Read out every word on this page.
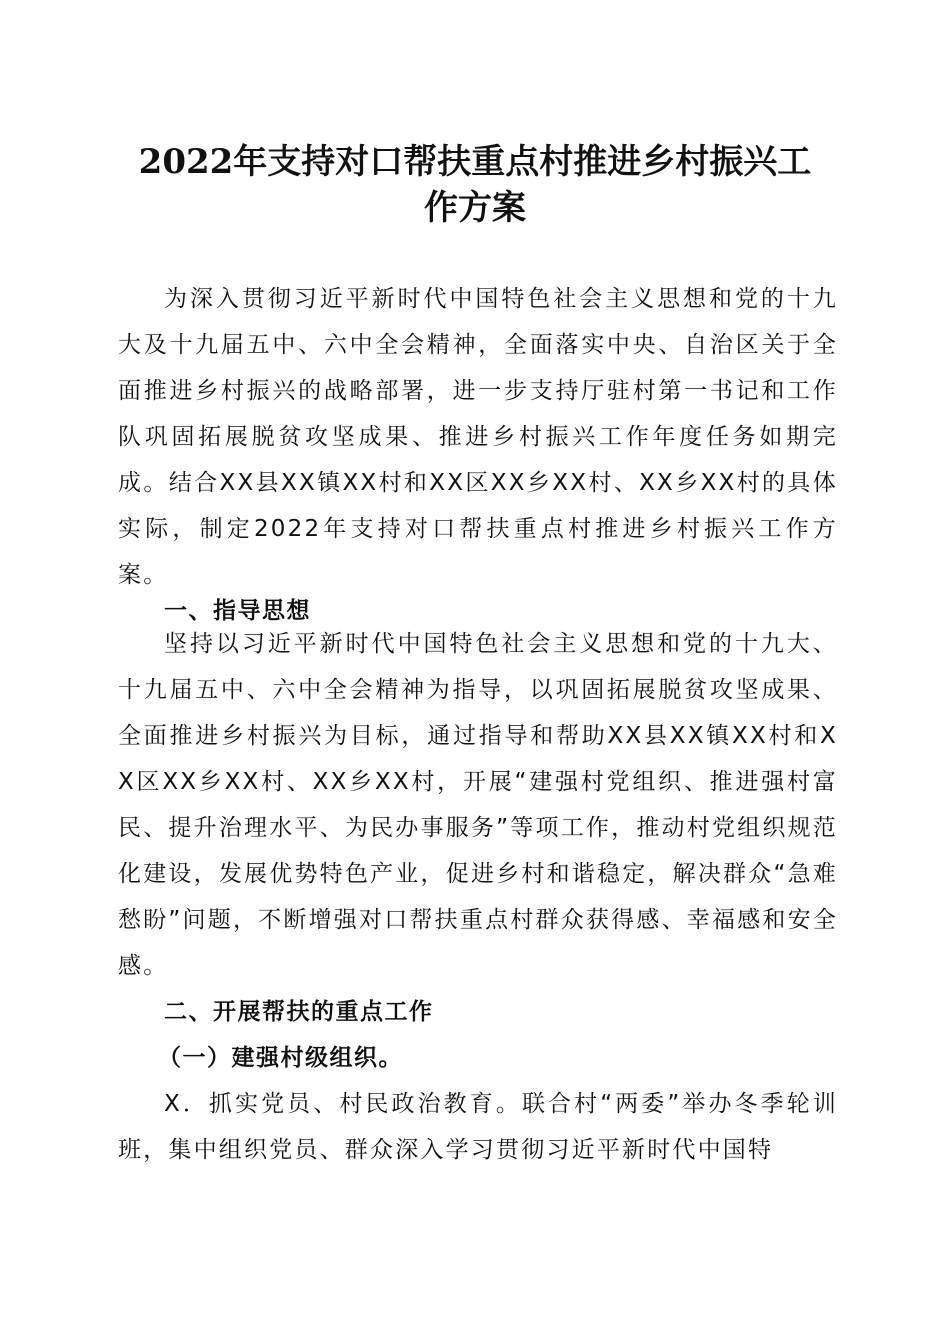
2022年支持对口帮扶重点村推进乡村振兴工
作方案

为深入贯彻习近平新时代中国特色社会主义思想和党的十九大及十九届五中、六中全会精神，全面落实中央、自治区关于全面推进乡村振兴的战略部署，进一步支持厅驻村第一书记和工作队巩固拓展脱贫攻坚成果、推进乡村振兴工作年度任务如期完成。结合XX县XX镇XX村和XX区XX乡XX村、XX乡XX村的具体实际，制定2022年支持对口帮扶重点村推进乡村振兴工作方案。

一、指导思想

坚持以习近平新时代中国特色社会主义思想和党的十九大、十九届五中、六中全会精神为指导，以巩固拓展脱贫攻坚成果、全面推进乡村振兴为目标，通过指导和帮助XX县XX镇XX村和XX区XX乡XX村、XX乡XX村，开展“建强村党组织、推进强村富民、提升治理水平、为民办事服务”等项工作，推动村党组织规范化建设，发展优势特色产业，促进乡村和谐稳定，解决群众“急难愁盼”问题，不断增强对口帮扶重点村群众获得感、幸福感和安全感。

二、开展帮扶的重点工作
（一）建强村级组织。

X．抓实党员、村民政治教育。联合村“两委”举办冬季轮训班，集中组织党员、群众深入学习贯彻习近平新时代中国特
